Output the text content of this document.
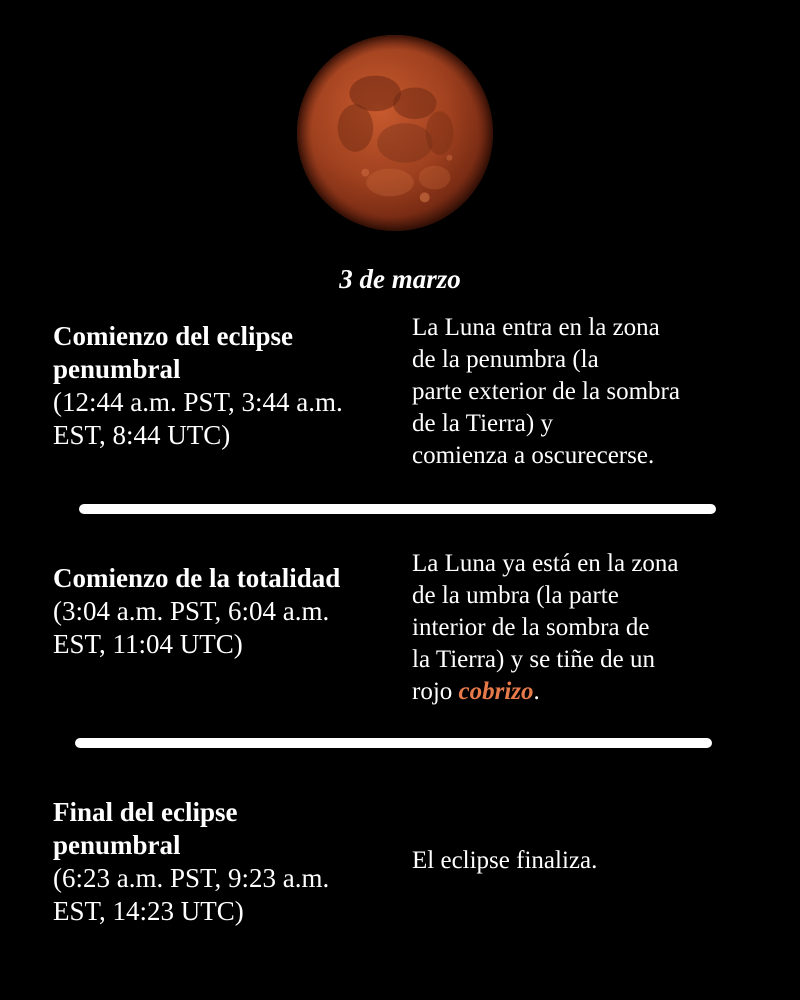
3 de marzo
Comienzo del eclipse
penumbral
(12:44 a.m. PST, 3:44 a.m.
EST, 8:44 UTC)
La Luna entra en la zona
de la penumbra (la
parte exterior de la sombra
de la Tierra) y
comienza a oscurecerse.
Comienzo de la totalidad
(3:04 a.m. PST, 6:04 a.m.
EST, 11:04 UTC)
La Luna ya está en la zona
de la umbra (la parte
interior de la sombra de
la Tierra) y se tiñe de un
rojo cobrizo.
Final del eclipse
penumbral
(6:23 a.m. PST, 9:23 a.m.
EST, 14:23 UTC)
El eclipse finaliza.
